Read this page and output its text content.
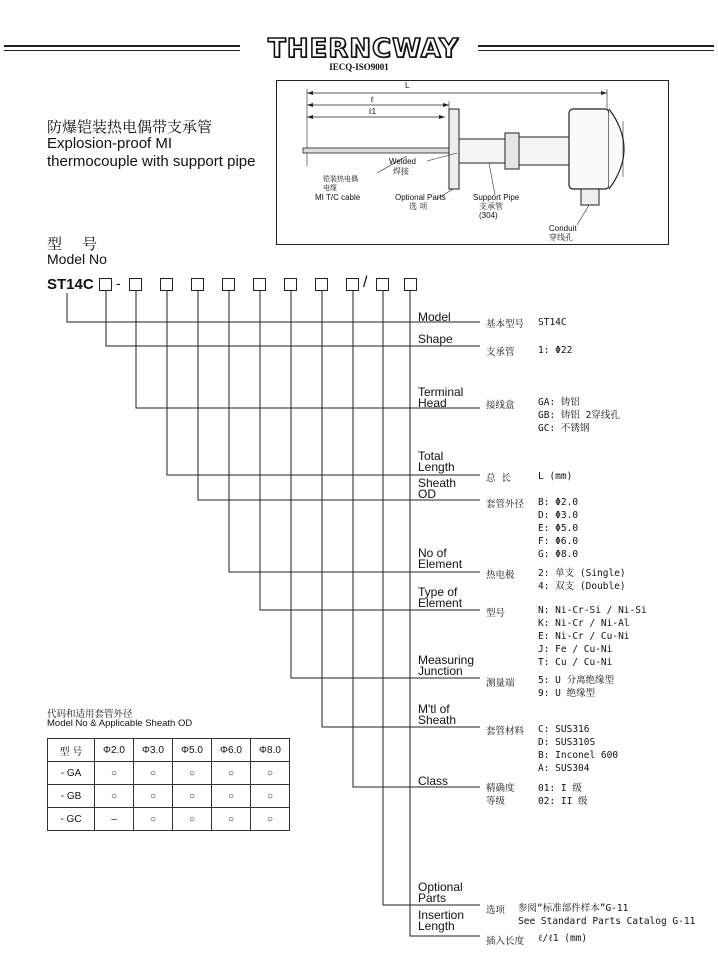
THERNCWAY
IECQ-ISO9001
防爆铠装热电偶带支承管
Explosion-proof MI thermocouple with support pipe
L
ℓ
ℓ1
Welded
焊接
铠装热电偶
电缆
MI T/C cable	Optional Parts
选 项
Support Pipe
支承管
(304)
Conduit
穿线孔
型 号
Model No
ST14C -	/
Model
Shape
Terminal Head
Total Length
Sheath OD
No of Element
Type of Element
Measuring Junction
M'tl of Sheath
Class
Optional Parts
Insertion Length
基本型号 ST14C
支承管 1: Φ22
接线盒 GA: 铸铝
GB: 铸铝 2穿线孔
GC: 不锈钢
总 长	L (mm)
套管外径 B: Φ2.0
D: Φ3.0
E: Φ5.0
F: Φ6.0
G: Φ8.0
热电极 2: 单支 (Single)
4: 双支 (Double)
型号	N: Ni-Cr-Si / Ni-Si
K: Ni-Cr / Ni-Al
E: Ni-Cr / Cu-Ni
J: Fe / Cu-Ni
T: Cu / Cu-Ni
测量端 5: U 分离绝缘型
9: U 绝缘型
套管材料 C: SUS316
D: SUS310S
B: Inconel 600
A: SUS304
精确度
等级
01: I 级
02: II 级
选项 参阅“标准部件样本”G-11
See Standard Parts Catalog G-11
插入长度 ℓ/ℓ1 (mm)
代码和适用套管外径
Model No & Applicable Sheath OD
型 号	Φ2.0	Φ3.0	Φ5.0	Φ6.0	Φ8.0
- GA	○	○	○	○	○
- GB	○	○	○	○	○
- GC	–	○	○	○	○
